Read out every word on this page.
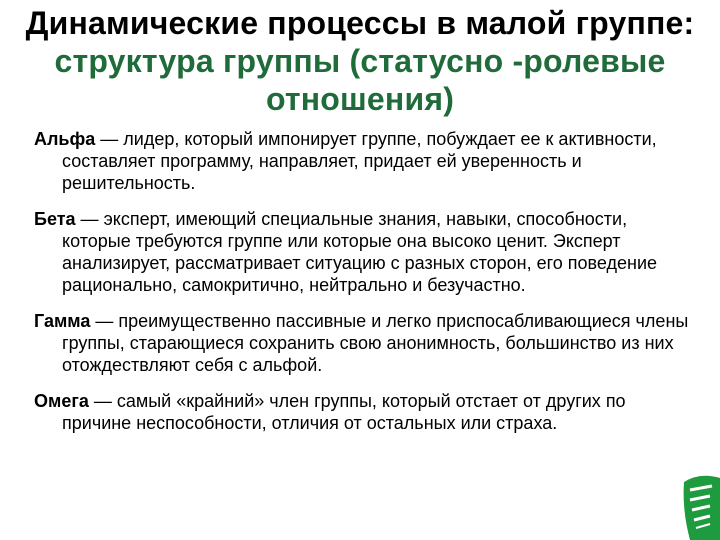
Динамические процессы в малой группе: структура группы (статусно -ролевые отношения)
Альфа — лидер, который импонирует группе, побуждает ее к активности, составляет программу, направляет, придает ей уверенность и решительность.
Бета — эксперт, имеющий специальные знания, навыки, способности, которые требуются группе или которые она высоко ценит. Эксперт анализирует, рассматривает ситуацию с разных сторон, его поведение рационально, самокритично, нейтрально и безучастно.
Гамма — преимущественно пассивные и легко приспосабливающиеся члены группы, старающиеся сохранить свою анонимность, большинство из них отождествляют себя с альфой.
Омега — самый «крайний» член группы, который отстает от других по причине неспособности, отличия от остальных или страха.
